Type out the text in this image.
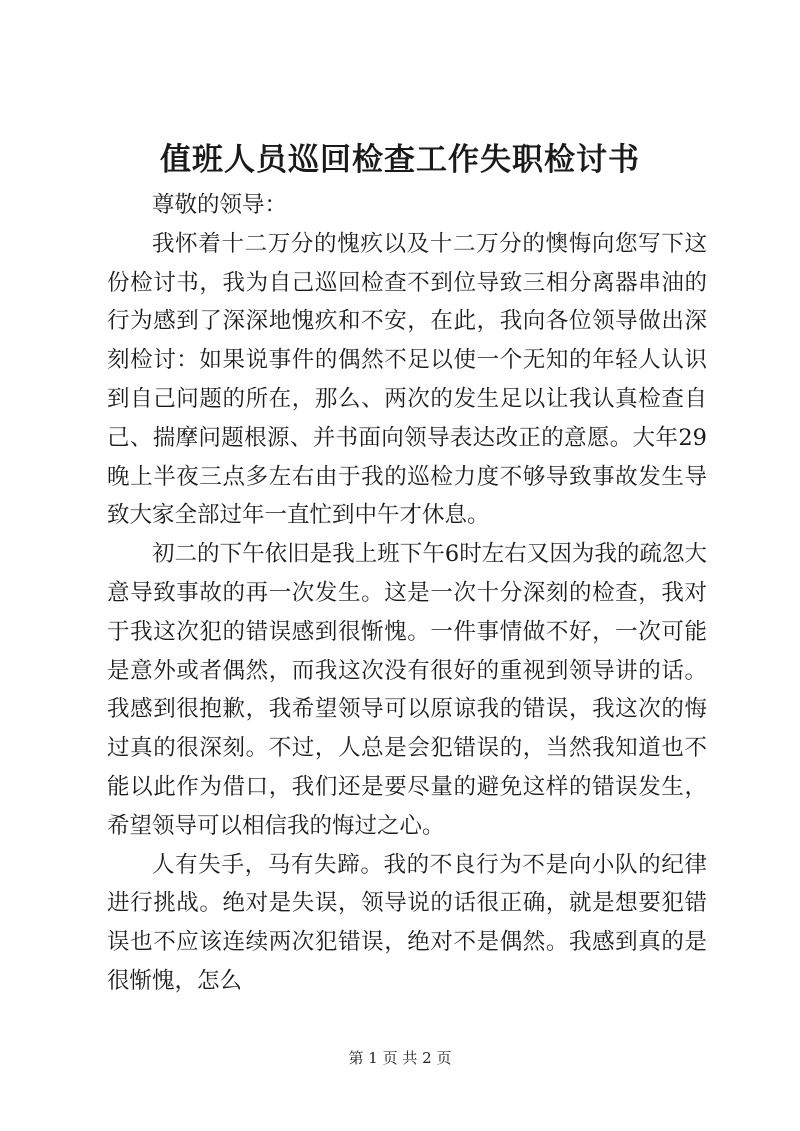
值班人员巡回检查工作失职检讨书

尊敬的领导：

我怀着十二万分的愧疚以及十二万分的懊悔向您写下这份检讨书，我为自己巡回检查不到位导致三相分离器串油的行为感到了深深地愧疚和不安，在此，我向各位领导做出深刻检讨：如果说事件的偶然不足以使一个无知的年轻人认识到自己问题的所在，那么、两次的发生足以让我认真检查自己、揣摩问题根源、并书面向领导表达改正的意愿。大年29晚上半夜三点多左右由于我的巡检力度不够导致事故发生导致大家全部过年一直忙到中午才休息。

初二的下午依旧是我上班下午6时左右又因为我的疏忽大意导致事故的再一次发生。这是一次十分深刻的检查，我对于我这次犯的错误感到很惭愧。一件事情做不好，一次可能是意外或者偶然，而我这次没有很好的重视到领导讲的话。我感到很抱歉，我希望领导可以原谅我的错误，我这次的悔过真的很深刻。不过，人总是会犯错误的，当然我知道也不能以此作为借口，我们还是要尽量的避免这样的错误发生，希望领导可以相信我的悔过之心。

人有失手，马有失蹄。我的不良行为不是向小队的纪律进行挑战。绝对是失误，领导说的话很正确，就是想要犯错误也不应该连续两次犯错误，绝对不是偶然。我感到真的是很惭愧，怎么

第 1 页 共 2 页
